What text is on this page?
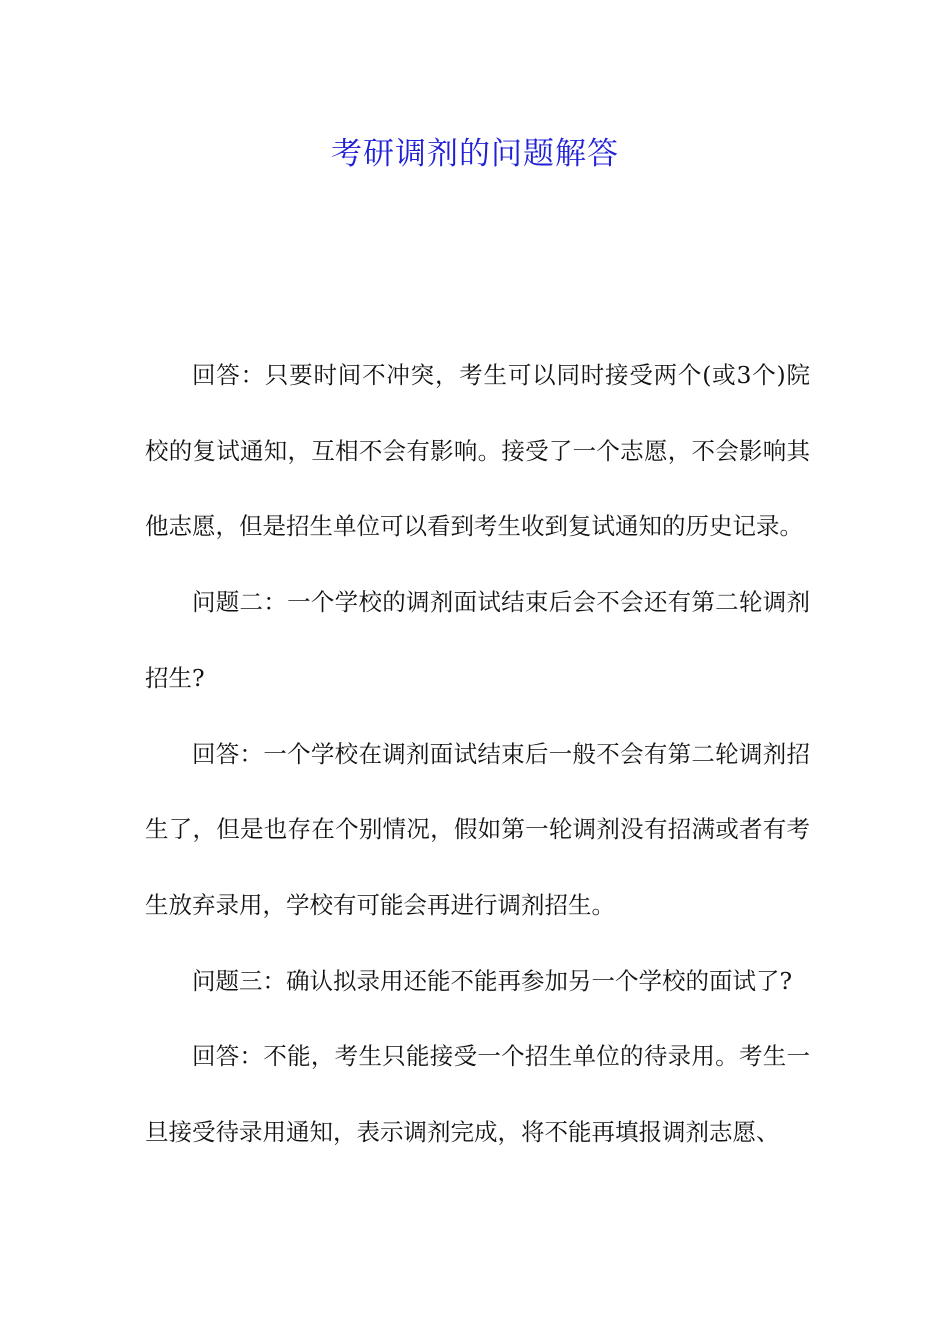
考研调剂的问题解答

回答：只要时间不冲突，考生可以同时接受两个(或3个)院校的复试通知，互相不会有影响。接受了一个志愿，不会影响其他志愿，但是招生单位可以看到考生收到复试通知的历史记录。

问题二：一个学校的调剂面试结束后会不会还有第二轮调剂招生?

回答：一个学校在调剂面试结束后一般不会有第二轮调剂招生了，但是也存在个别情况，假如第一轮调剂没有招满或者有考生放弃录用，学校有可能会再进行调剂招生。

问题三：确认拟录用还能不能再参加另一个学校的面试了?

回答：不能，考生只能接受一个招生单位的待录用。考生一旦接受待录用通知，表示调剂完成，将不能再填报调剂志愿、
